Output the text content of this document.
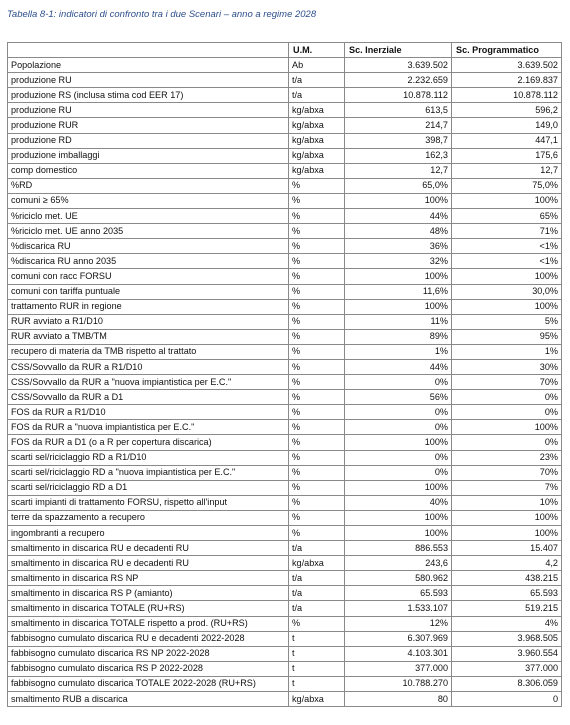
Tabella 8-1: indicatori di confronto tra i due Scenari – anno a regime 2028
	U.M.	Sc. Inerziale	Sc. Programmatico
Popolazione	Ab	3.639.502	3.639.502
produzione RU	t/a	2.232.659	2.169.837
produzione RS (inclusa stima cod EER 17)	t/a	10.878.112	10.878.112
produzione RU	kg/abxa	613,5	596,2
produzione RUR	kg/abxa	214,7	149,0
produzione RD	kg/abxa	398,7	447,1
produzione imballaggi	kg/abxa	162,3	175,6
comp domestico	kg/abxa	12,7	12,7
%RD	%	65,0%	75,0%
comuni ≥ 65%	%	100%	100%
%riciclo met. UE	%	44%	65%
%riciclo met. UE anno 2035	%	48%	71%
%discarica RU	%	36%	<1%
%discarica RU anno 2035	%	32%	<1%
comuni con racc FORSU	%	100%	100%
comuni con tariffa puntuale	%	11,6%	30,0%
trattamento RUR in regione	%	100%	100%
RUR avviato a R1/D10	%	11%	5%
RUR avviato a TMB/TM	%	89%	95%
recupero di materia da TMB rispetto al trattato	%	1%	1%
CSS/Sovvallo da RUR a R1/D10	%	44%	30%
CSS/Sovvallo da RUR a "nuova impiantistica per E.C."	%	0%	70%
CSS/Sovvallo da RUR a D1	%	56%	0%
FOS da RUR a R1/D10	%	0%	0%
FOS da RUR a "nuova impiantistica per E.C."	%	0%	100%
FOS da RUR a D1 (o a R per copertura discarica)	%	100%	0%
scarti sel/riciclaggio RD a R1/D10	%	0%	23%
scarti sel/riciclaggio RD a "nuova impiantistica per E.C."	%	0%	70%
scarti sel/riciclaggio RD a D1	%	100%	7%
scarti impianti di trattamento FORSU, rispetto all'input	%	40%	10%
terre da spazzamento a recupero	%	100%	100%
ingombranti a recupero	%	100%	100%
smaltimento in discarica RU e decadenti RU	t/a	886.553	15.407
smaltimento in discarica RU e decadenti RU	kg/abxa	243,6	4,2
smaltimento in discarica RS NP	t/a	580.962	438.215
smaltimento in discarica RS P (amianto)	t/a	65.593	65.593
smaltimento in discarica TOTALE (RU+RS)	t/a	1.533.107	519.215
smaltimento in discarica TOTALE rispetto a prod. (RU+RS)	%	12%	4%
fabbisogno cumulato discarica RU e decadenti 2022-2028	t	6.307.969	3.968.505
fabbisogno cumulato discarica RS NP 2022-2028	t	4.103.301	3.960.554
fabbisogno cumulato discarica RS P 2022-2028	t	377.000	377.000
fabbisogno cumulato discarica TOTALE 2022-2028 (RU+RS)	t	10.788.270	8.306.059
smaltimento RUB a discarica	kg/abxa	80	0
